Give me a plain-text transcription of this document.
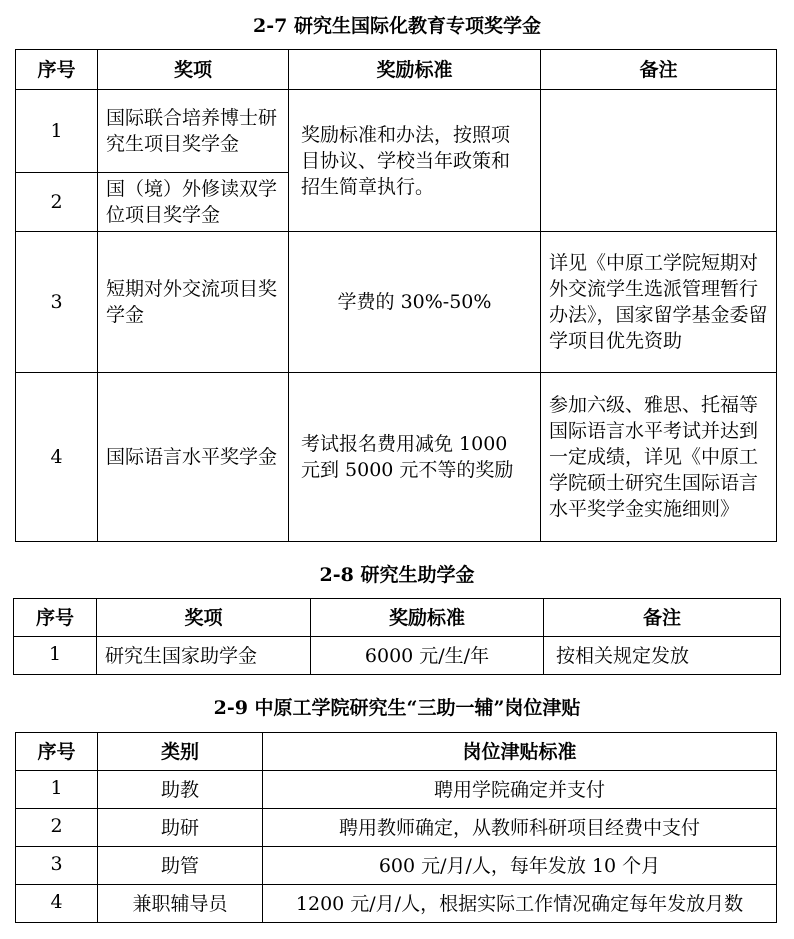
2-7 研究生国际化教育专项奖学金
序号	奖项	奖励标准	备注
1	国际联合培养博士研究生项目奖学金	奖励标准和办法，按照项目协议、学校当年政策和招生简章执行。	
2	国（境）外修读双学位项目奖学金		
3	短期对外交流项目奖学金	学费的 30%-50%	详见《中原工学院短期对外交流学生选派管理暂行办法》，国家留学基金委留学项目优先资助
4	国际语言水平奖学金	考试报名费用减免 1000 元到 5000 元不等的奖励	参加六级、雅思、托福等国际语言水平考试并达到一定成绩，详见《中原工学院硕士研究生国际语言水平奖学金实施细则》
2-8 研究生助学金
序号	奖项	奖励标准	备注
1	研究生国家助学金	6000 元/生/年	按相关规定发放
2-9 中原工学院研究生“三助一辅”岗位津贴
序号	类别	岗位津贴标准
1	助教	聘用学院确定并支付
2	助研	聘用教师确定，从教师科研项目经费中支付
3	助管	600 元/月/人，每年发放 10 个月
4	兼职辅导员	1200 元/月/人，根据实际工作情况确定每年发放月数
